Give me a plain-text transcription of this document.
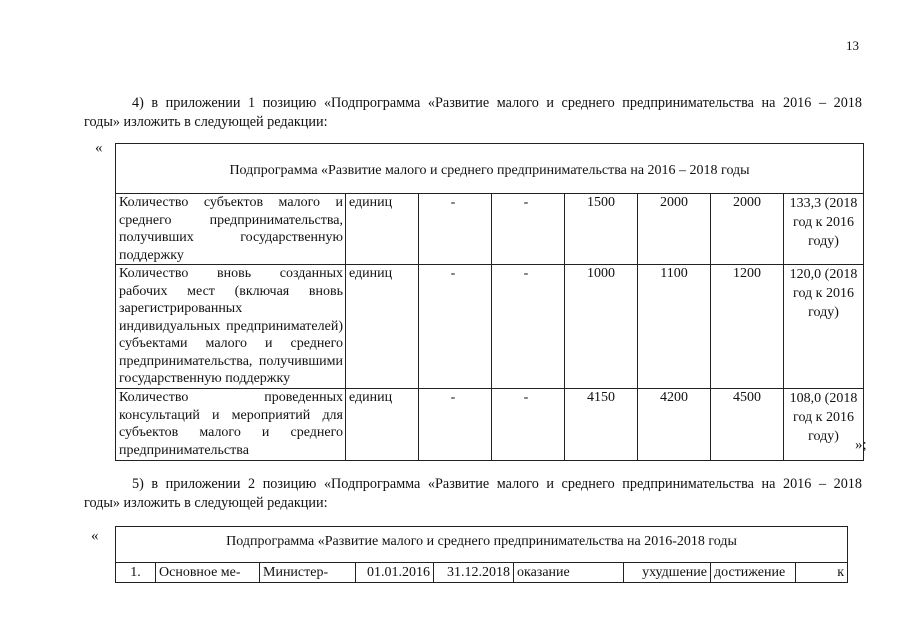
13
4) в приложении 1 позицию «Подпрограмма «Развитие малого и среднего предпринимательства на 2016 – 2018
годы» изложить в следующей редакции:
«
Подпрограмма «Развитие малого и среднего предпринимательства на 2016 – 2018 годы							
Количество субъектов малого и среднего предпринимательства, получивших государственную поддержку	единиц	-	-	1500	2000	2000	133,3 (2018 год к 2016 году)
Количество вновь созданных рабочих мест (включая вновь зарегистрированных индивидуальных предпринимателей) субъектами малого и среднего предпринимательства, получившими государственную поддержку	единиц	-	-	1000	1100	1200	120,0 (2018 год к 2016 году)
Количество проведенных консультаций и мероприятий для субъектов малого и среднего предпринимательства	единиц	-	-	4150	4200	4500	108,0 (2018 год к 2016 году)
»;
5) в приложении 2 позицию «Подпрограмма «Развитие малого и среднего предпринимательства на 2016 – 2018
годы» изложить в следующей редакции:
«	Подпрограмма «Развитие малого и среднего предпринимательства на 2016-2018 годы
1.	Основное ме-	Министер-	01.01.2016	31.12.2018	оказание	ухудшение	достижение	к
